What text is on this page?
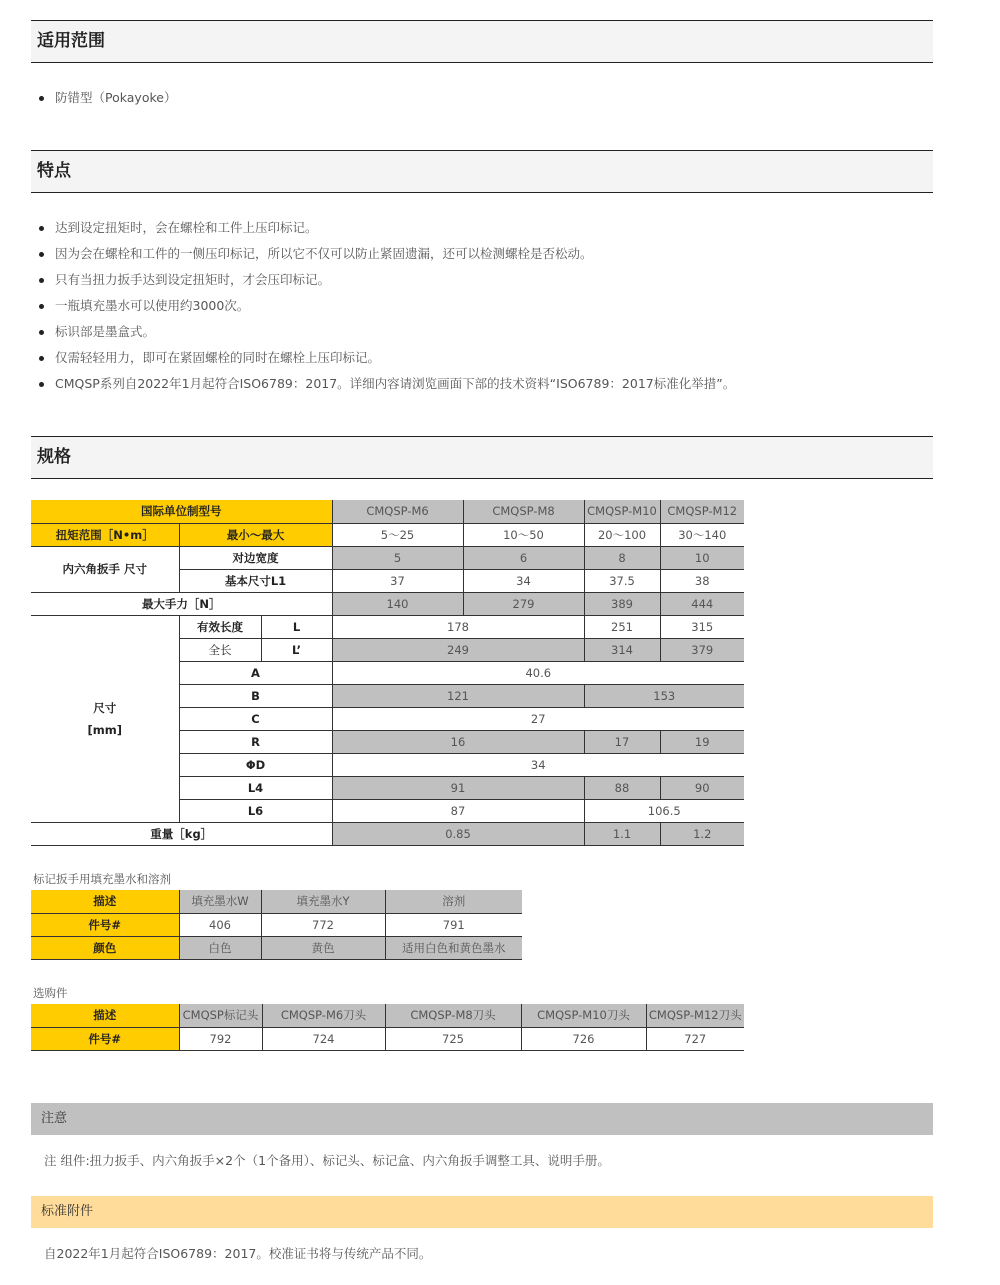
适用范围
防错型（Pokayoke）
特点
达到设定扭矩时，会在螺栓和工件上压印标记。
因为会在螺栓和工件的一侧压印标记，所以它不仅可以防止紧固遗漏，还可以检测螺栓是否松动。
只有当扭力扳手达到设定扭矩时，才会压印标记。
一瓶填充墨水可以使用约3000次。
标识部是墨盒式。
仅需轻轻用力，即可在紧固螺栓的同时在螺栓上压印标记。
CMQSP系列自2022年1月起符合ISO6789：2017。详细内容请浏览画面下部的技术资料“ISO6789：2017标准化举措”。
规格
国际单位制型号			CMQSP-M6	CMQSP-M8	CMQSP-M10	CMQSP-M12
扭矩范围［N•m］	最小～最大		5～25	10～50	20～100	30～140
内六角扳手 尺寸	对边宽度		5	6	8	10
	基本尺寸L1		37	34	37.5	38
最大手力［N］			140	279	389	444

尺寸
[mm]	有效长度	L	178		251	315
	全长	L’	249		314	379
	A		40.6			
	B		121		153	
	C		27			
	R		16		17	19
	ΦD		34			
	L4		91		88	90
	L6		87		106.5	
重量［kg］			0.85		1.1	1.2
标记扳手用填充墨水和溶剂
描述	填充墨水W	填充墨水Y	溶剂
件号#	406	772	791
颜色	白色	黄色	适用白色和黄色墨水
选购件
描述	CMQSP标记头	CMQSP-M6刀头	CMQSP-M8刀头	CMQSP-M10刀头	CMQSP-M12刀头
件号#	792	724	725	726	727
注意
注 组件:扭力扳手、内六角扳手×2个（1个备用）、标记头、标记盒、内六角扳手调整工具、说明手册。
标准附件
自2022年1月起符合ISO6789：2017。校准证书将与传统产品不同。
